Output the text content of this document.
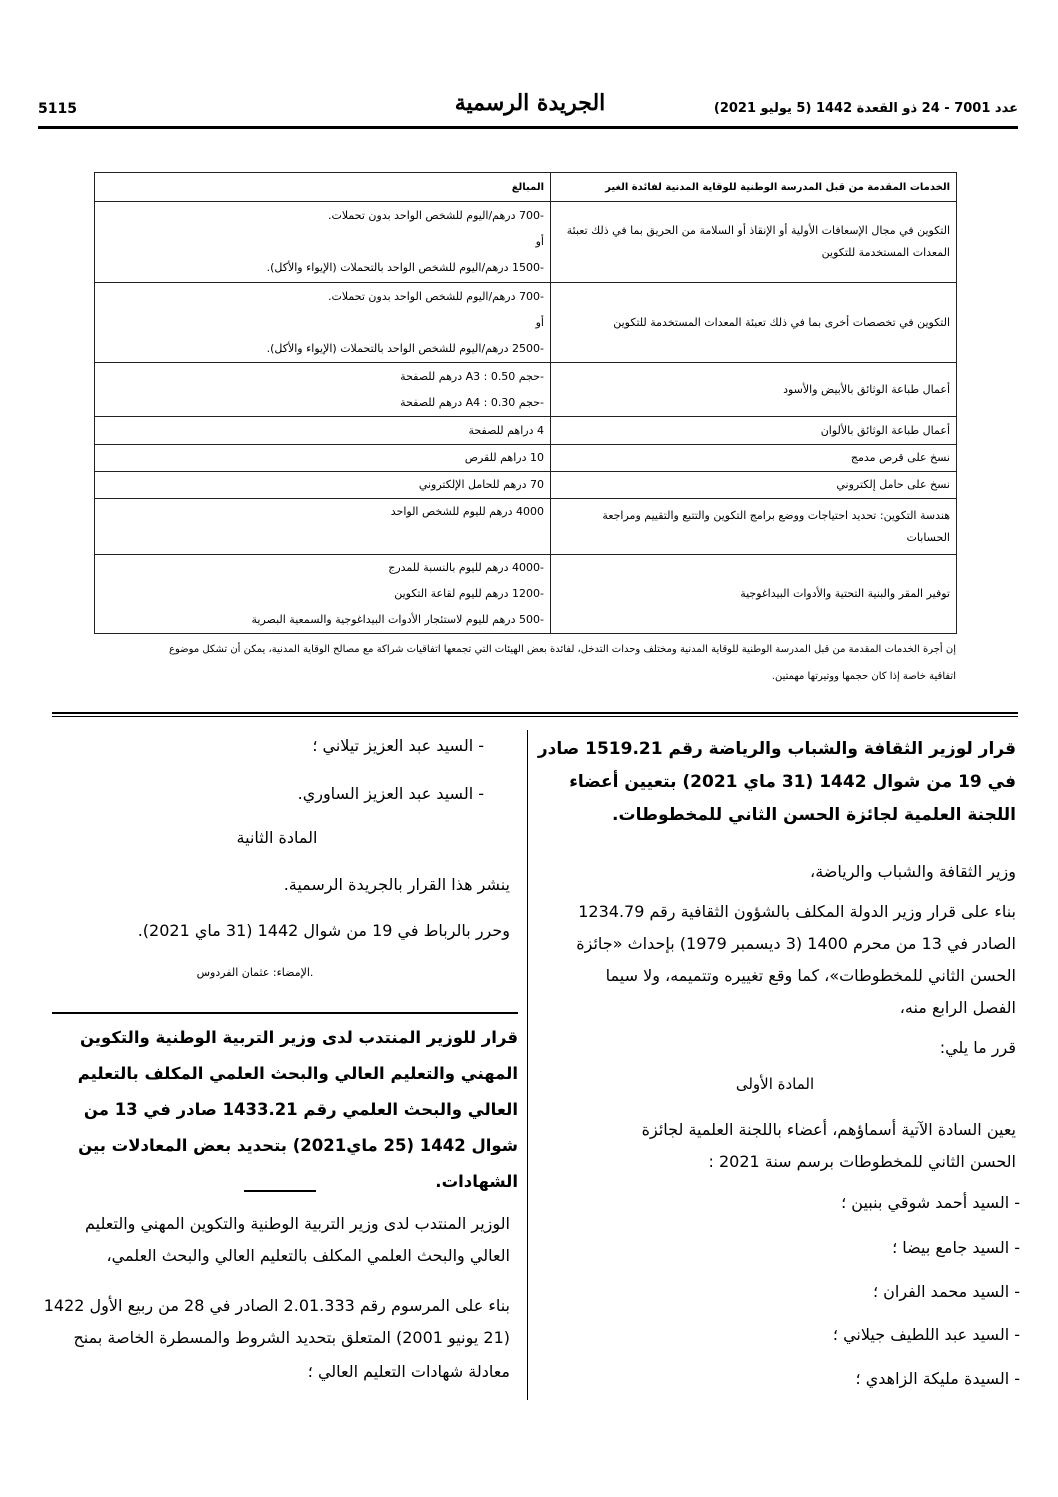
5115	الجريدة الرسمية	عدد 7001 - 24 ذو القعدة 1442 (5 يوليو 2021)
الخدمات المقدمة من قبل المدرسة الوطنية للوقاية المدنية لفائدة الغير	المبالغ
التكوين في مجال الإسعافات الأولية أو الإنقاذ أو السلامة من الحريق بما في ذلك تعبئة المعدات المستخدمة للتكوين	-700 درهم/اليوم للشخص الواحد بدون تحملات.
أو
-1500 درهم/اليوم للشخص الواحد بالتحملات (الإيواء والأكل).

التكوين في تخصصات أخرى بما في ذلك تعبئة المعدات المستخدمة للتكوين	-700 درهم/اليوم للشخص الواحد بدون تحملات.
أو
-2500 درهم/اليوم للشخص الواحد بالتحملات (الإيواء والأكل).

أعمال طباعة الوثائق بالأبيض والأسود	-حجم A3 : 0.50 درهم للصفحة
-حجم A4 : 0.30 درهم للصفحة

أعمال طباعة الوثائق بالألوان	4 دراهم للصفحة

نسخ على قرص مدمج	10 دراهم للقرص

نسخ على حامل إلكتروني	70 درهم للحامل الإلكتروني

هندسة التكوين: تحديد احتياجات ووضع برامج التكوين والتتبع والتقييم ومراجعة الحسابات	4000 درهم لليوم للشخص الواحد

توفير المقر والبنية التحتية والأدوات البيداغوجية	-4000 درهم لليوم بالنسبة للمدرج
-1200 درهم لليوم لقاعة التكوين
-500 درهم لليوم لاستئجار الأدوات البيداغوجية والسمعية البصرية
إن أجرة الخدمات المقدمة من قبل المدرسة الوطنية للوقاية المدنية ومختلف وحدات التدخل، لفائدة بعض الهيئات التي تجمعها اتفاقيات شراكة مع مصالح الوقاية المدنية، يمكن أن تشكل موضوع
اتفاقية خاصة إذا كان حجمها ووتيرتها مهمتين.
قرار لوزير الثقافة والشباب والرياضة رقم 1519.21 صادر في 19 من شوال 1442 (31 ماي 2021) بتعيين أعضاء اللجنة العلمية لجائزة الحسن الثاني للمخطوطات.
وزير الثقافة والشباب والرياضة،
بناء على قرار وزير الدولة المكلف بالشؤون الثقافية رقم 1234.79
الصادر في 13 من محرم 1400 (3 ديسمبر 1979) بإحداث «جائزة
الحسن الثاني للمخطوطات»، كما وقع تغييره وتتميمه، ولا سيما
الفصل الرابع منه،
قرر ما يلي:
المادة الأولى
يعين السادة الآتية أسماؤهم، أعضاء باللجنة العلمية لجائزة
الحسن الثاني للمخطوطات برسم سنة 2021 :
- السيد أحمد شوقي بنبين ؛
- السيد جامع بيضا ؛
- السيد محمد الفران ؛
- السيد عبد اللطيف جيلاني ؛
- السيدة مليكة الزاهدي ؛
- السيد عبد العزيز تيلاني ؛
- السيد عبد العزيز الساوري.
المادة الثانية
ينشر هذا القرار بالجريدة الرسمية.
وحرر بالرباط في 19 من شوال 1442 (31 ماي 2021).
الإمضاء: عثمان الفردوس.
قرار للوزير المنتدب لدى وزير التربية الوطنية والتكوين المهني والتعليم العالي والبحث العلمي المكلف بالتعليم العالي والبحث العلمي رقم 1433.21 صادر في 13 من شوال 1442 (25 ماي2021) بتحديد بعض المعادلات بين الشهادات.
الوزير المنتدب لدى وزير التربية الوطنية والتكوين المهني والتعليم
العالي والبحث العلمي المكلف بالتعليم العالي والبحث العلمي،
بناء على المرسوم رقم 2.01.333 الصادر في 28 من ربيع الأول 1422
(21 يونيو 2001) المتعلق بتحديد الشروط والمسطرة الخاصة بمنح
معادلة شهادات التعليم العالي ؛
